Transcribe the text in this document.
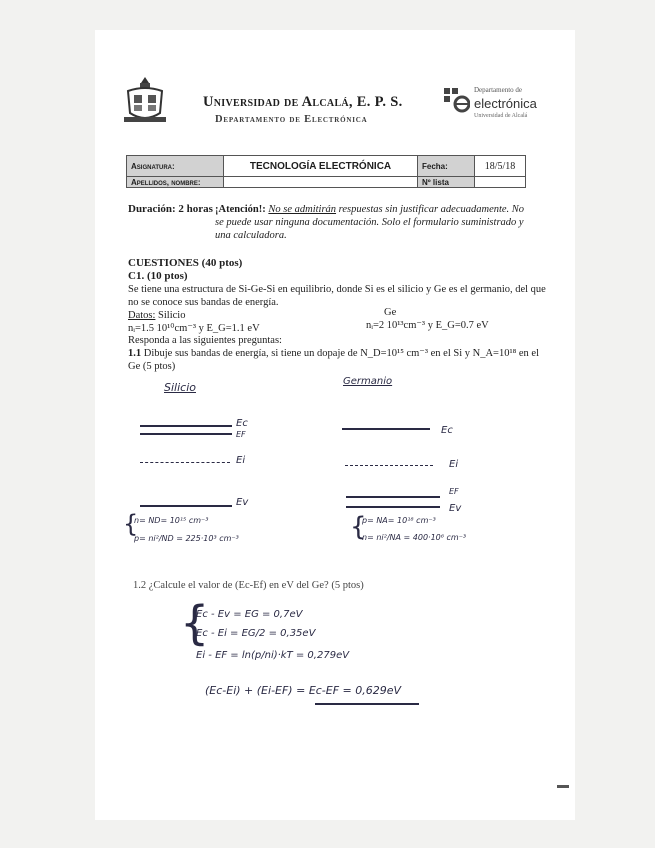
Universidad de Alcalá, E. P. S.
Departamento de Electrónica
Departamento de
electrónica
Universidad de Alcalá
Asignatura:	TECNOLOGÍA ELECTRÓNICA	Fecha:	18/5/18
Apellidos, nombre:		Nº lista	
Duración: 2 horas ¡Atención!: No se admitirán respuestas sin justificar adecuadamente. No se puede usar ninguna documentación. Solo el formulario suministrado y una calculadora.
CUESTIONES (40 ptos)
C1. (10 ptos)
Se tiene una estructura de Si-Ge-Si en equilibrio, donde Si es el silicio y Ge es el germanio, del que no se conoce sus bandas de energía.
Datos: Silicio
nᵢ=1.5 10¹⁰cm⁻³ y E_G=1.1 eV
Ge
nᵢ=2 10¹³cm⁻³ y E_G=0.7 eV
Responda a las siguientes preguntas:
1.1 Dibuje sus bandas de energía, si tiene un dopaje de N_D=10¹⁵ cm⁻³ en el Si y N_A=10¹⁸ en el Ge (5 ptos)
Silicio	Germanio
Ec
EF
Ei
Ev
Ec
Ei
EF
Ev
{
n= ND= 10¹⁵ cm⁻³
p= ni²/ND = 225·10³ cm⁻³	{
p= NA= 10¹⁸ cm⁻³
n= ni²/NA = 400·10⁶ cm⁻³
1.2 ¿Calcule el valor de (Ec-Ef) en eV del Ge? (5 ptos)
{
Ec - Ev = EG = 0,7eV
Ec - Ei = EG/2 = 0,35eV
Ei - EF = ln(p/ni)·kT = 0,279eV
(Ec-Ei) + (Ei-EF) = Ec-EF = 0,629eV
